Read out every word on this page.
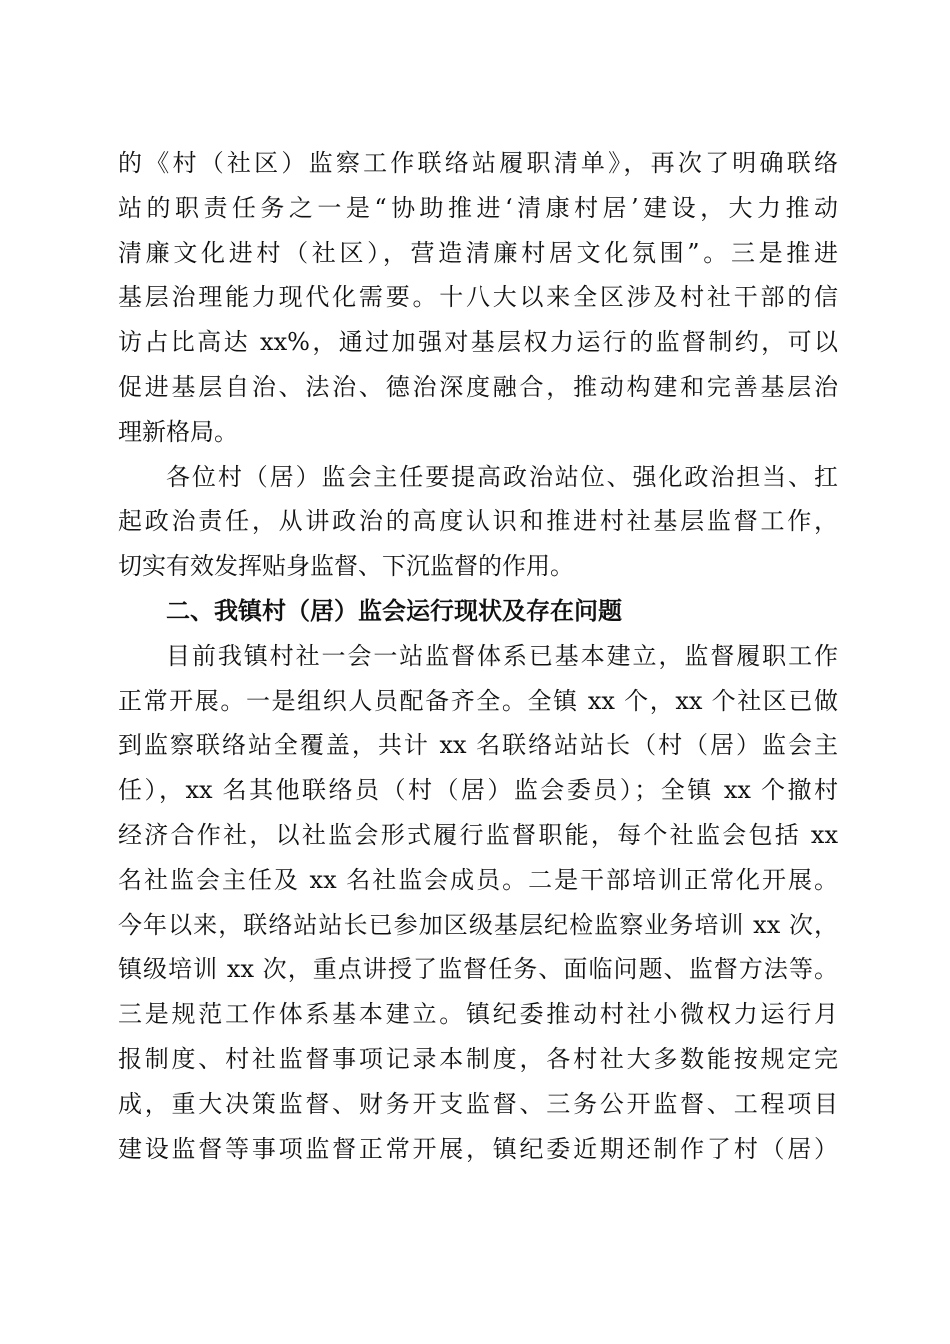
的《村（社区）监察工作联络站履职清单》，再次了明确联络
站的职责任务之一是“协助推进‘清康村居’建设，大力推动
清廉文化进村（社区），营造清廉村居文化氛围”。三是推进
基层治理能力现代化需要。十八大以来全区涉及村社干部的信
访占比高达 xx%，通过加强对基层权力运行的监督制约，可以
促进基层自治、法治、德治深度融合，推动构建和完善基层治
理新格局。
各位村（居）监会主任要提高政治站位、强化政治担当、扛
起政治责任，从讲政治的高度认识和推进村社基层监督工作，
切实有效发挥贴身监督、下沉监督的作用。
二、我镇村（居）监会运行现状及存在问题
目前我镇村社一会一站监督体系已基本建立，监督履职工作
正常开展。一是组织人员配备齐全。全镇 xx 个，xx 个社区已做
到监察联络站全覆盖，共计 xx 名联络站站长（村（居）监会主
任），xx 名其他联络员（村（居）监会委员）；全镇 xx 个撤村
经济合作社，以社监会形式履行监督职能，每个社监会包括 xx
名社监会主任及 xx 名社监会成员。二是干部培训正常化开展。
今年以来，联络站站长已参加区级基层纪检监察业务培训 xx 次，
镇级培训 xx 次，重点讲授了监督任务、面临问题、监督方法等。
三是规范工作体系基本建立。镇纪委推动村社小微权力运行月
报制度、村社监督事项记录本制度，各村社大多数能按规定完
成，重大决策监督、财务开支监督、三务公开监督、工程项目
建设监督等事项监督正常开展，镇纪委近期还制作了村（居）
